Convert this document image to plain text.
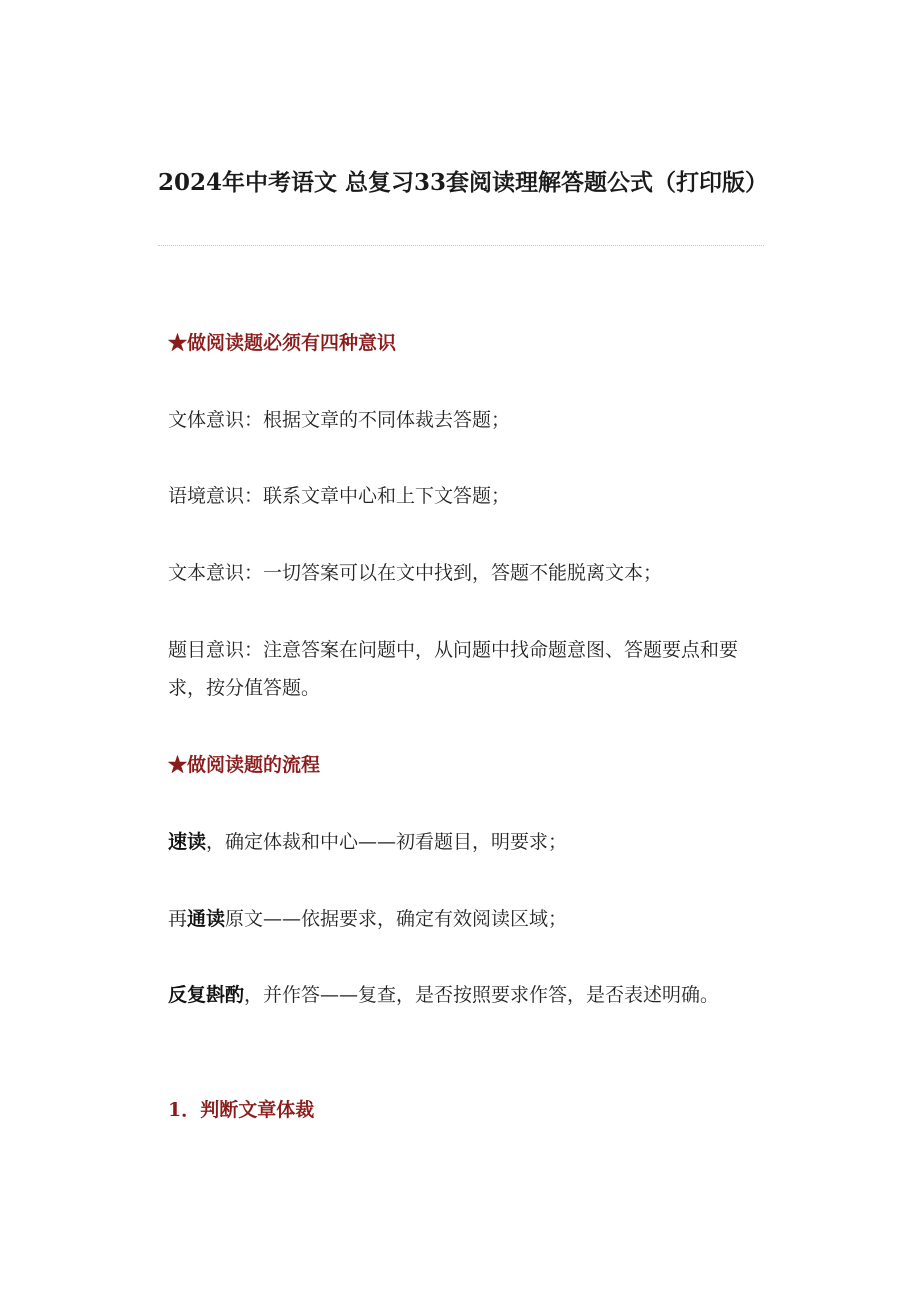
2024年中考语文 总复习33套阅读理解答题公式（打印版）
★做阅读题必须有四种意识
文体意识：根据文章的不同体裁去答题；
语境意识：联系文章中心和上下文答题；
文本意识：一切答案可以在文中找到，答题不能脱离文本；
题目意识：注意答案在问题中，从问题中找命题意图、答题要点和要求，按分值答题。
★做阅读题的流程
速读，确定体裁和中心——初看题目，明要求；
再通读原文——依据要求，确定有效阅读区域；
反复斟酌，并作答——复查，是否按照要求作答，是否表述明确。
1．判断文章体裁
